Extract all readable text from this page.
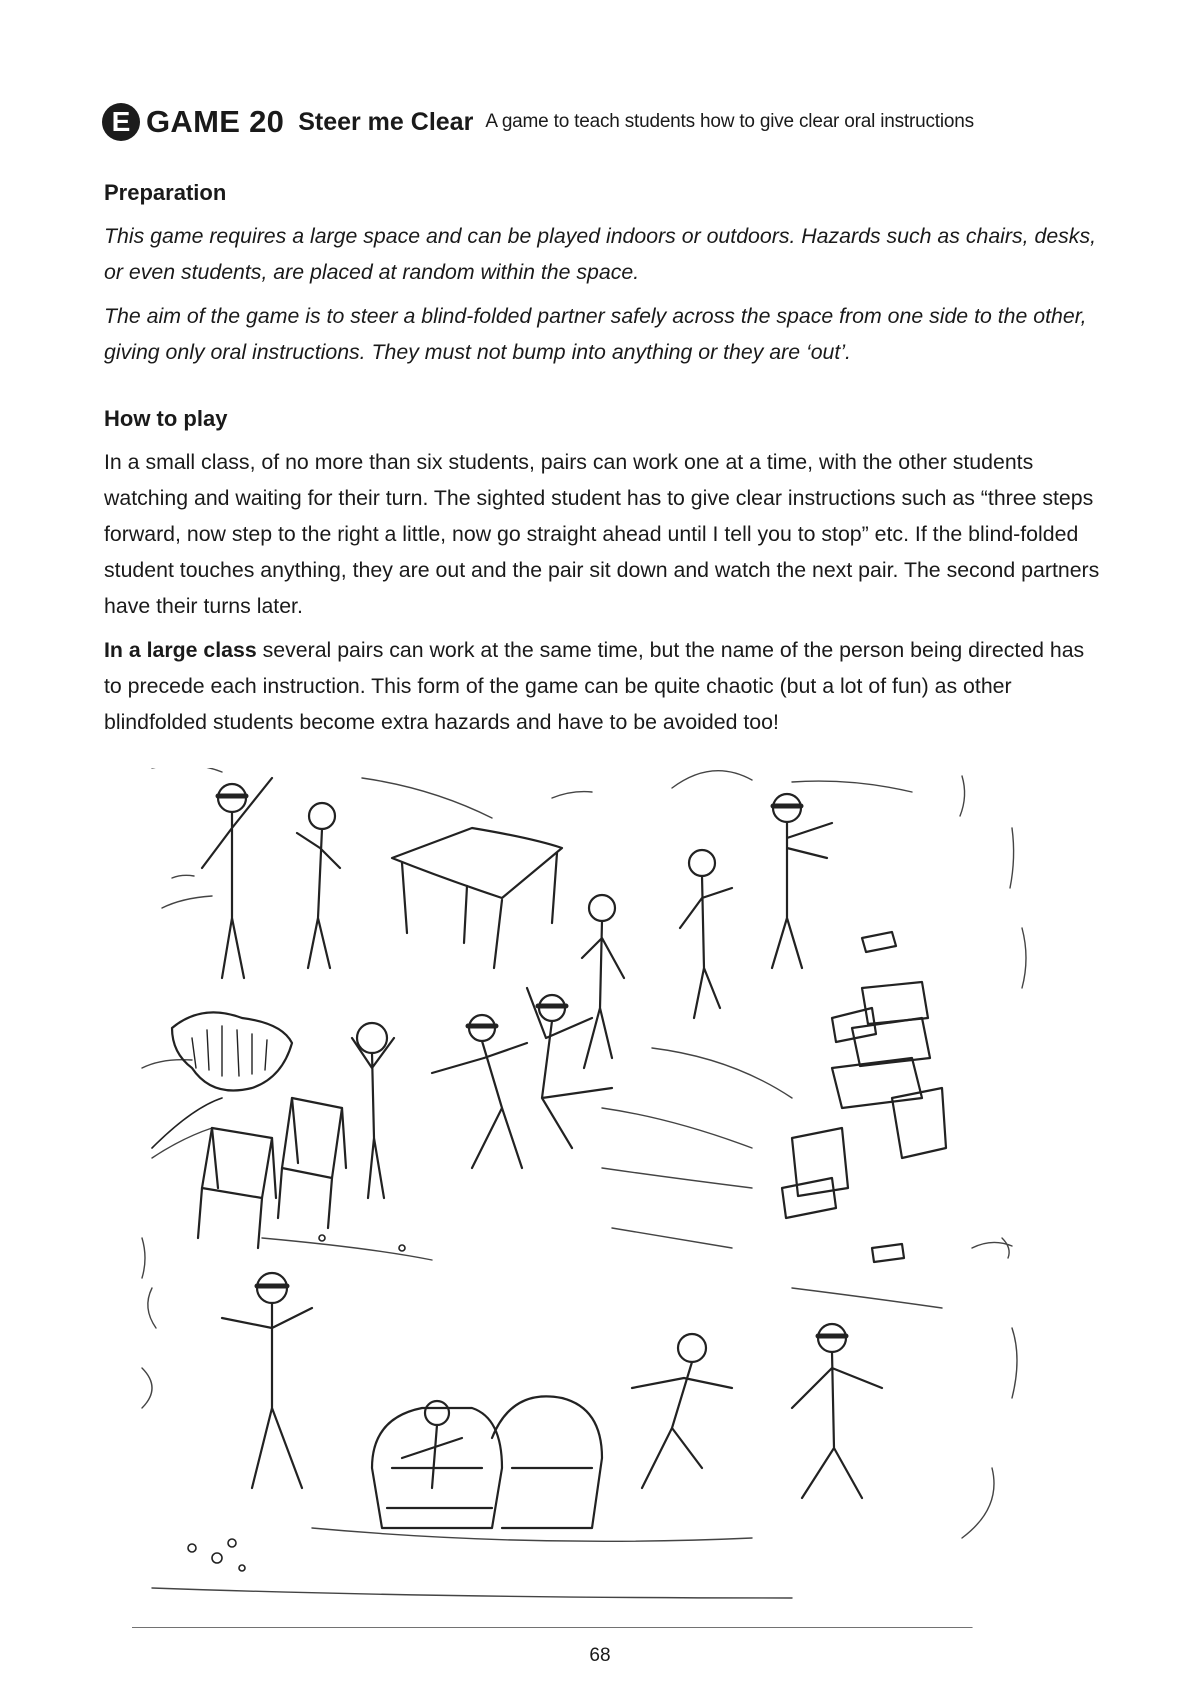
E GAME 20 Steer me Clear A game to teach students how to give clear oral instructions
Preparation

This game requires a large space and can be played indoors or outdoors. Hazards such as chairs, desks, or even students, are placed at random within the space.

The aim of the game is to steer a blind-folded partner safely across the space from one side to the other, giving only oral instructions. They must not bump into anything or they are ‘out’.

How to play

In a small class, of no more than six students, pairs can work one at a time, with the other students watching and waiting for their turn. The sighted student has to give clear instructions such as “three steps forward, now step to the right a little, now go straight ahead until I tell you to stop” etc. If the blind-folded student touches anything, they are out and the pair sit down and watch the next pair. The second partners have their turns later.

In a large class several pairs can work at the same time, but the name of the person being directed has to precede each instruction. This form of the game can be quite chaotic (but a lot of fun) as other blindfolded students become extra hazards and have to be avoided too!

68
